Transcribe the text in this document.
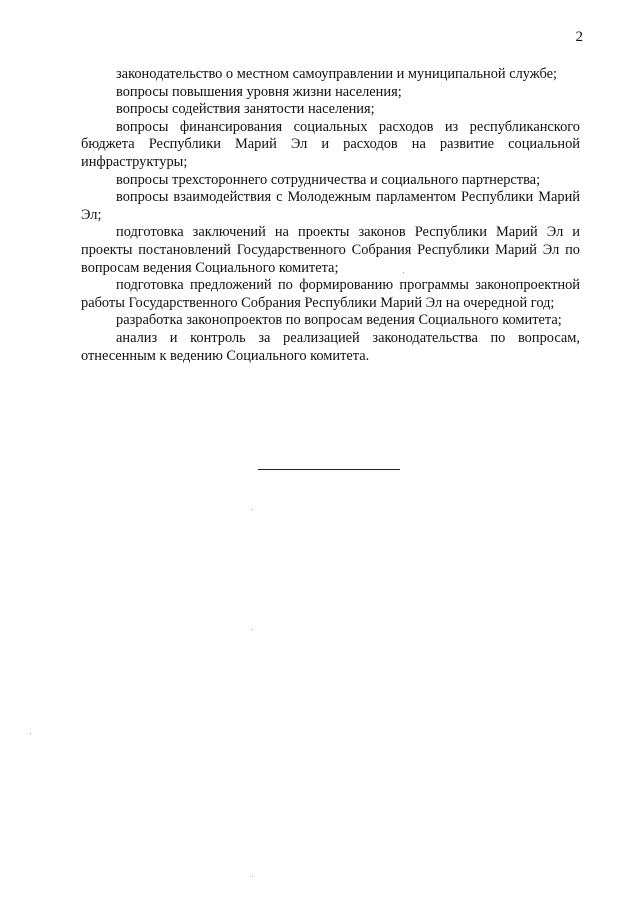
2

законодательство о местном самоуправлении и муниципальной службе;

вопросы повышения уровня жизни населения;

вопросы содействия занятости населения;

вопросы финансирования социальных расходов из республиканского бюджета Республики Марий Эл и расходов на развитие социальной инфраструктуры;

вопросы трехстороннего сотрудничества и социального партнерства;

вопросы взаимодействия с Молодежным парламентом Республики Марий Эл;

подготовка заключений на проекты законов Республики Марий Эл и проекты постановлений Государственного Собрания Республики Марий Эл по вопросам ведения Социального комитета;

подготовка предложений по формированию программы законопроектной работы Государственного Собрания Республики Марий Эл на очередной год;

разработка законопроектов по вопросам ведения Социального комитета;

анализ и контроль за реализацией законодательства по вопросам, отнесенным к ведению Социального комитета.
